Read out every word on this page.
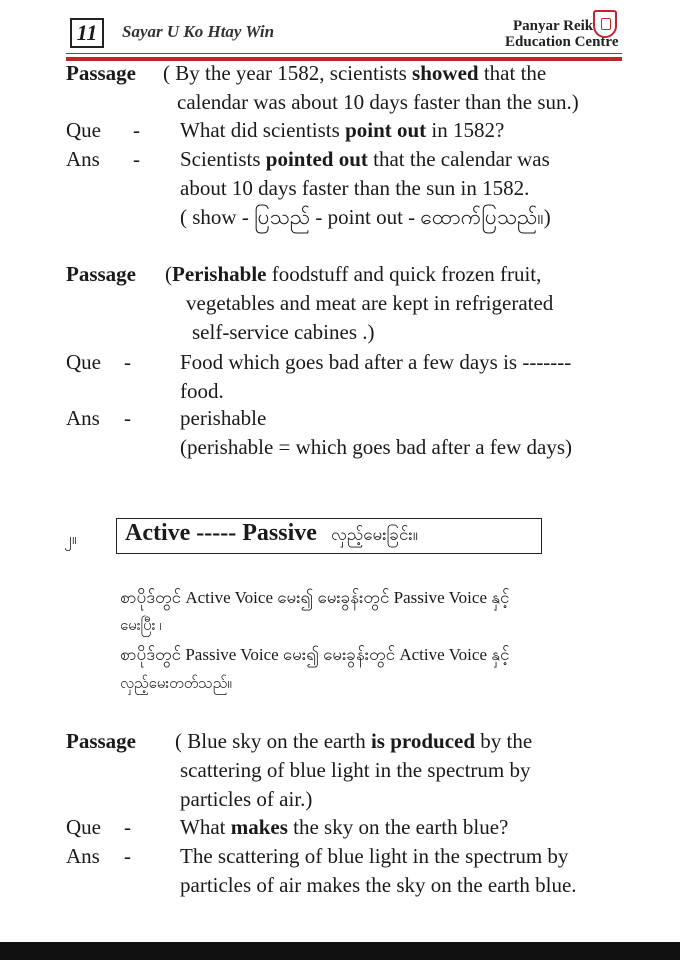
11	Sayar U Ko Htay Win	Panyar Reik
Education Centre
Passage ( By the year 1582, scientists showed that the
calendar was about 10 days faster than the sun.)
Que - What did scientists point out in 1582?
Ans - Scientists pointed out that the calendar was
about 10 days faster than the sun in 1582.
( show - ပြသည် - point out - ထောက်ပြသည်။)
Passage (Perishable foodstuff and quick frozen fruit,
vegetables and meat are kept in refrigerated
self-service cabines .)
Que - Food which goes bad after a few days is -------
food.
Ans - perishable
(perishable = which goes bad after a few days)
၂။ Active ----- Passive လှည့်မေးခြင်း။
စာပိုဒ်တွင် Active Voice မေး၍ မေးခွန်းတွင် Passive Voice နှင့်
မေးပြီး ၊
စာပိုဒ်တွင် Passive Voice မေး၍ မေးခွန်းတွင် Active Voice နှင့်
လှည့်မေးတတ်သည်။
Passage ( Blue sky on the earth is produced by the
scattering of blue light in the spectrum by
particles of air.)
Que - What makes the sky on the earth blue?
Ans - The scattering of blue light in the spectrum by
particles of air makes the sky on the earth blue.
